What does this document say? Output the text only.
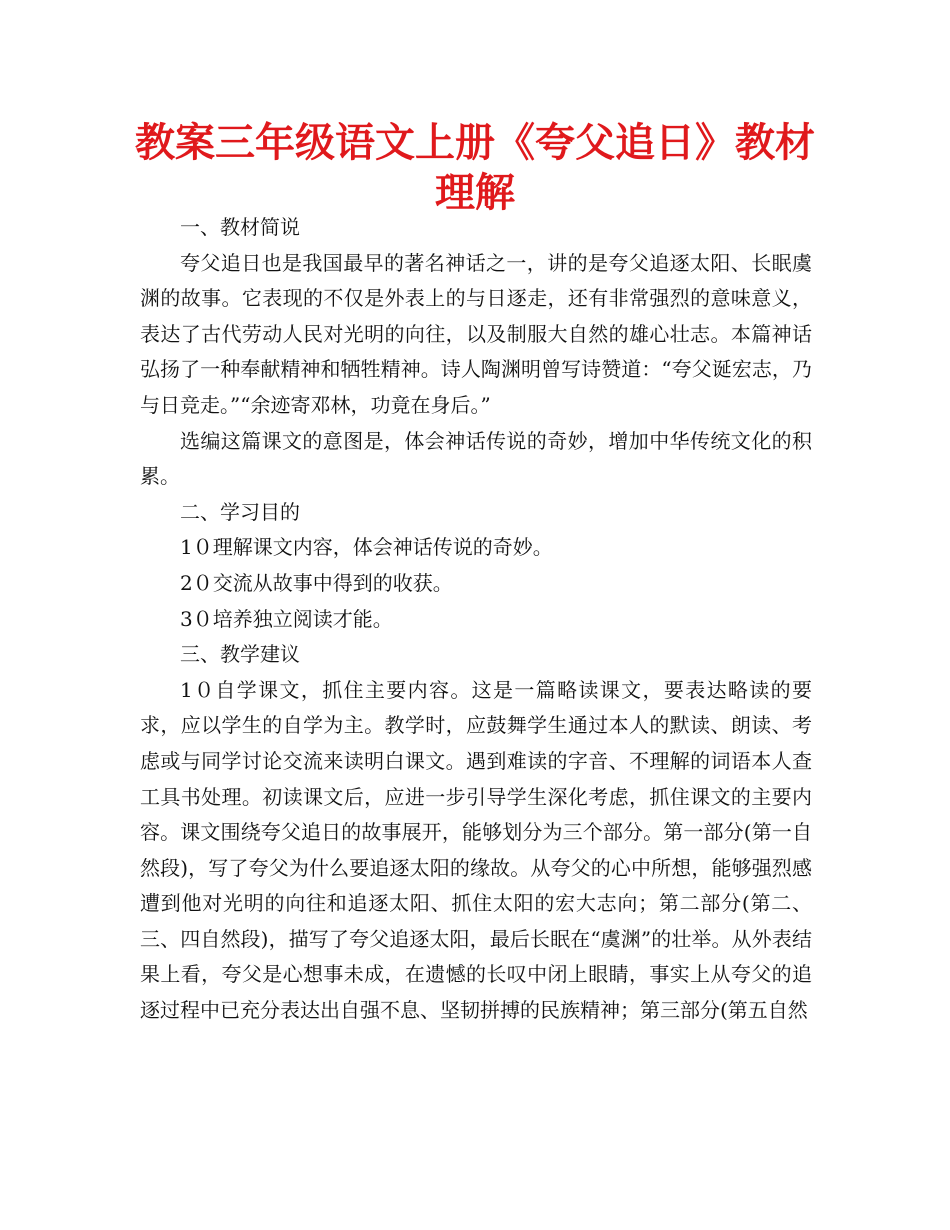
教案三年级语文上册《夸父追日》教材理解

一、教材简说

夸父追日也是我国最早的著名神话之一，讲的是夸父追逐太阳、长眠虞渊的故事。它表现的不仅是外表上的与日逐走，还有非常强烈的意味意义，表达了古代劳动人民对光明的向往，以及制服大自然的雄心壮志。本篇神话弘扬了一种奉献精神和牺牲精神。诗人陶渊明曾写诗赞道：“夸父诞宏志，乃与日竞走。”“余迹寄邓林，功竟在身后。”

选编这篇课文的意图是，体会神话传说的奇妙，增加中华传统文化的积累。

二、学习目的

1０理解课文内容，体会神话传说的奇妙。

2０交流从故事中得到的收获。

3０培养独立阅读才能。

三、教学建议

1０自学课文，抓住主要内容。这是一篇略读课文，要表达略读的要求，应以学生的自学为主。教学时，应鼓舞学生通过本人的默读、朗读、考虑或与同学讨论交流来读明白课文。遇到难读的字音、不理解的词语本人查工具书处理。初读课文后，应进一步引导学生深化考虑，抓住课文的主要内容。课文围绕夸父追日的故事展开，能够划分为三个部分。第一部分(第一自然段)，写了夸父为什么要追逐太阳的缘故。从夸父的心中所想，能够强烈感遭到他对光明的向往和追逐太阳、抓住太阳的宏大志向；第二部分(第二、三、四自然段)，描写了夸父追逐太阳，最后长眠在“虞渊”的壮举。从外表结果上看，夸父是心想事未成，在遗憾的长叹中闭上眼睛，事实上从夸父的追逐过程中已充分表达出自强不息、坚韧拼搏的民族精神；第三部分(第五自然
